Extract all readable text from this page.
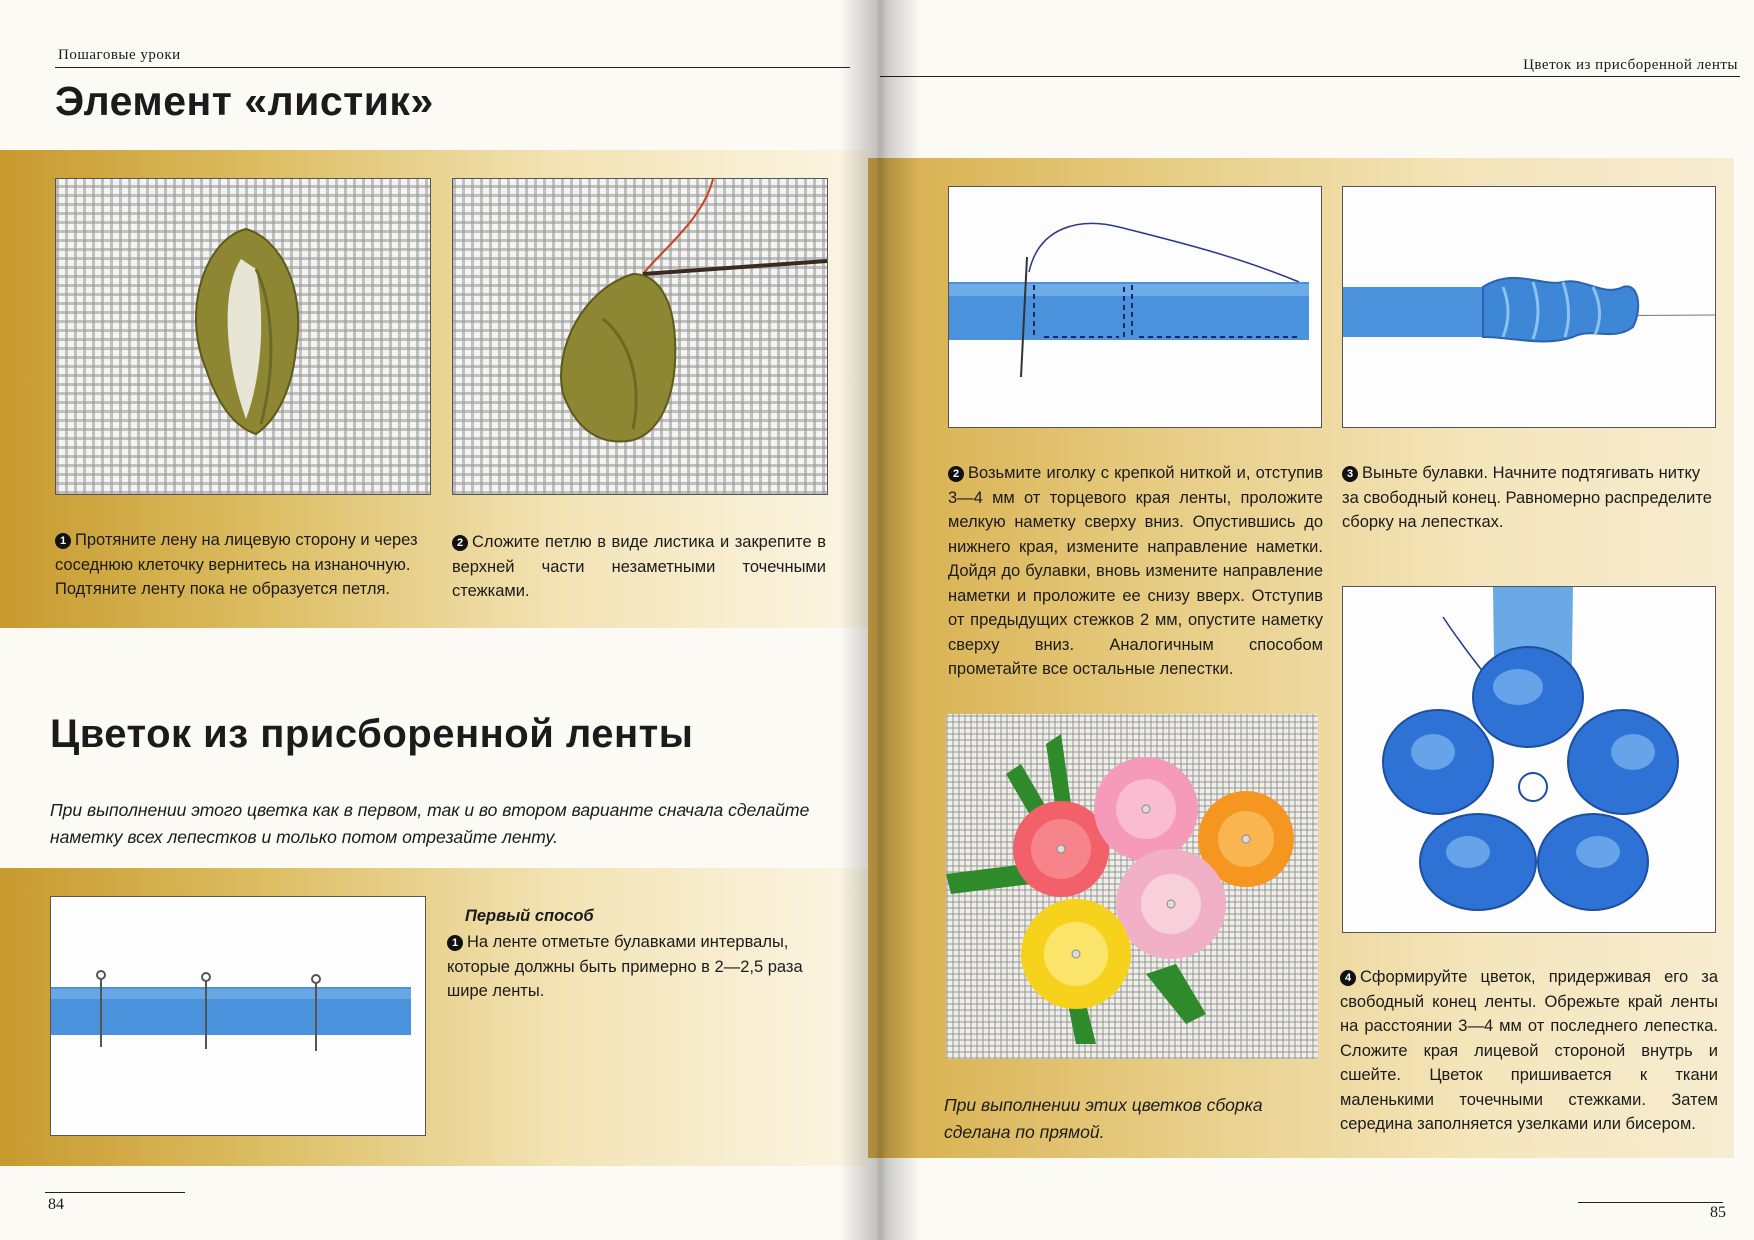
Пошаговые уроки
Элемент «листик»
1 Протяните лену на лицевую сторону и через соседнюю клеточку вернитесь на изнаночную. Подтяните ленту пока не образуется петля.
2 Сложите петлю в виде листика и закрепите в верхней части незаметными точечными стежками.
Цветок из присборенной ленты
При выполнении этого цветка как в первом, так и во втором варианте сначала сделайте наметку всех лепестков и только потом отрезайте ленту.
Первый способ
1 На ленте отметьте булавками интервалы, которые должны быть примерно в 2—2,5 раза шире ленты.
84
Цветок из присборенной ленты
2 Возьмите иголку с крепкой ниткой и, отступив 3—4 мм от торцевого края ленты, проложите мелкую наметку сверху вниз. Опустившись до нижнего края, измените направление наметки. Дойдя до булавки, вновь измените направление наметки и проложите ее снизу вверх. Отступив от предыдущих стежков 2 мм, опустите наметку сверху вниз. Аналогичным способом прометайте все остальные лепестки.
3 Выньте булавки. Начните подтягивать нитку за свободный конец. Равномерно распределите сборку на лепестках.
При выполнении этих цветков сборка сделана по прямой.
4 Сформируйте цветок, придерживая его за свободный конец ленты. Обрежьте край ленты на расстоянии 3—4 мм от последнего лепестка. Сложите края лицевой стороной внутрь и сшейте. Цветок пришивается к ткани маленькими точечными стежками. Затем середина заполняется узелками или бисером.
85
